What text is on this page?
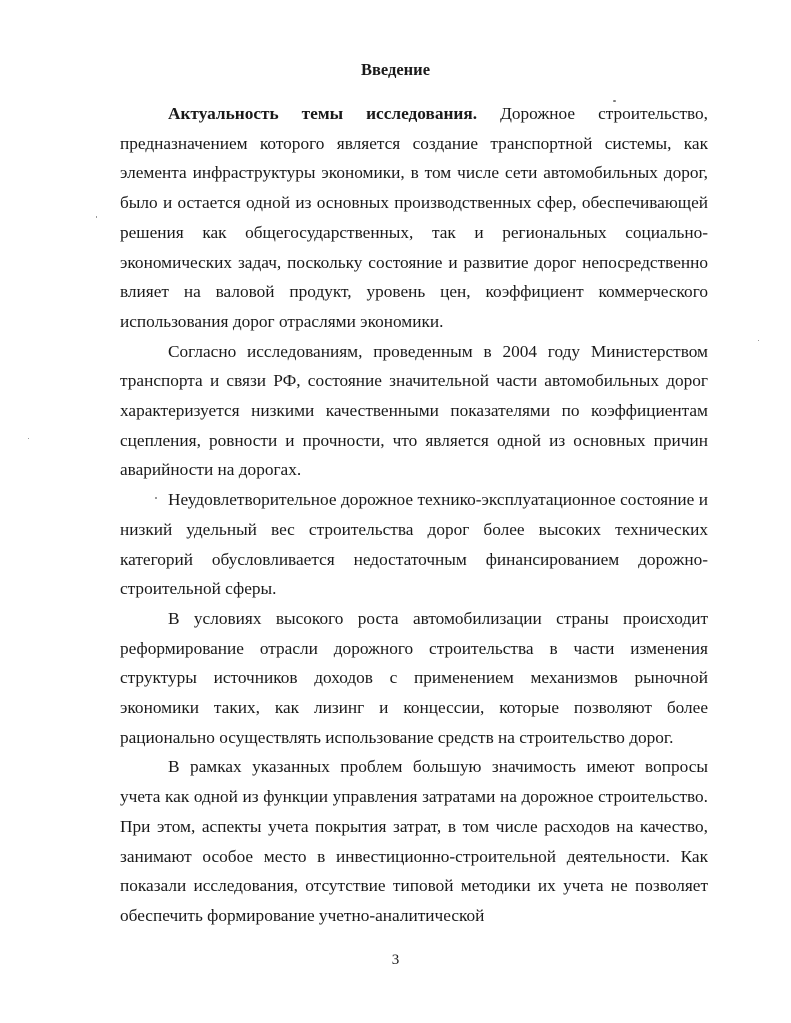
Введение

Актуальность темы исследования. Дорожное строительство, предназначением которого является создание транспортной системы, как элемента инфраструктуры экономики, в том числе сети автомобильных дорог, было и остается одной из основных производственных сфер, обеспечивающей решения как общегосударственных, так и региональных социально-экономических задач, поскольку состояние и развитие дорог непосредственно влияет на валовой продукт, уровень цен, коэффициент коммерческого использования дорог отраслями экономики.

Согласно исследованиям, проведенным в 2004 году Министерством транспорта и связи РФ, состояние значительной части автомобильных дорог характеризуется низкими качественными показателями по коэффициентам сцепления, ровности и прочности, что является одной из основных причин аварийности на дорогах.

Неудовлетворительное дорожное технико-эксплуатационное состояние и низкий удельный вес строительства дорог более высоких технических категорий обусловливается недостаточным финансированием дорожно-строительной сферы.

В условиях высокого роста автомобилизации страны происходит реформирование отрасли дорожного строительства в части изменения структуры источников доходов с применением механизмов рыночной экономики таких, как лизинг и концессии, которые позволяют более рационально осуществлять использование средств на строительство дорог.

В рамках указанных проблем большую значимость имеют вопросы учета как одной из функции управления затратами на дорожное строительство. При этом, аспекты учета покрытия затрат, в том числе расходов на качество, занимают особое место в инвестиционно-строительной деятельности. Как показали исследования, отсутствие типовой методики их учета не позволяет обеспечить формирование учетно-аналитической

3
